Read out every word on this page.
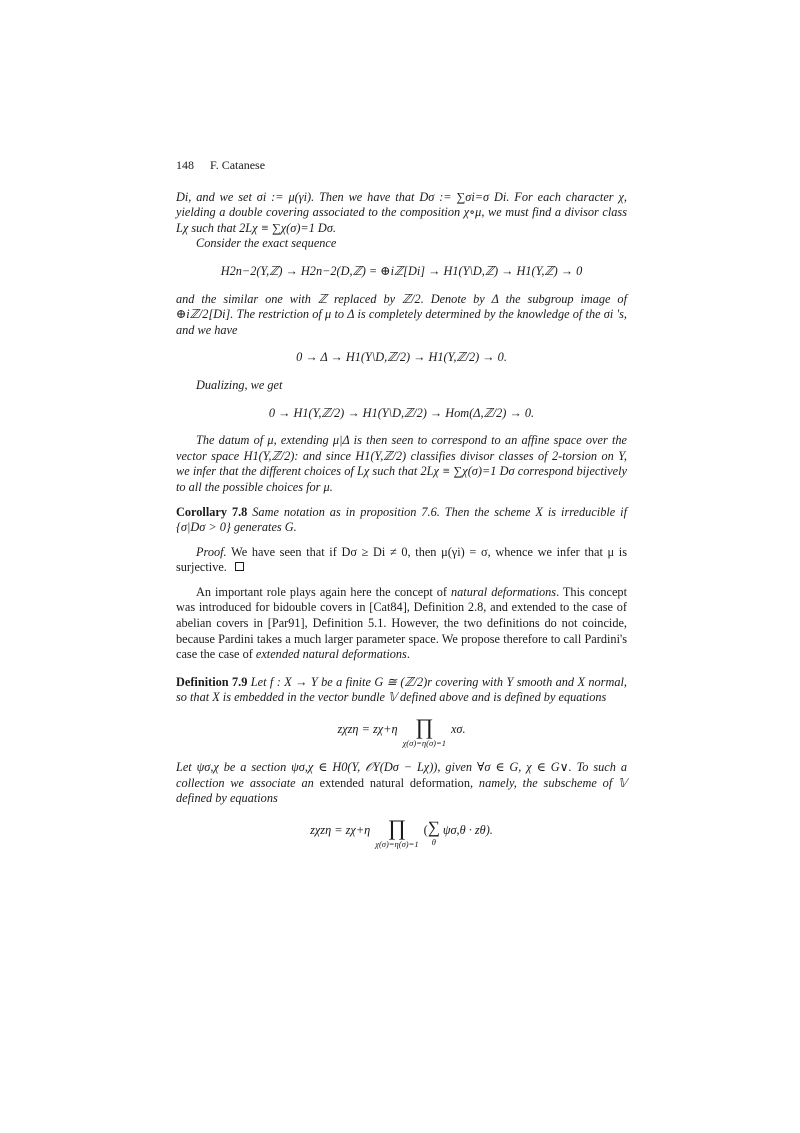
148 F. Catanese

Di, and we set σi := μ(γi). Then we have that Dσ := ∑σi=σ Di. For each character χ, yielding a double covering associated to the composition χ∘μ, we must find a divisor class Lχ such that 2Lχ ≡ ∑χ(σ)=1 Dσ.

Consider the exact sequence

H2n−2(Y,ℤ) → H2n−2(D,ℤ) = ⊕iℤ[Di] → H1(Y\D,ℤ) → H1(Y,ℤ) → 0

and the similar one with ℤ replaced by ℤ/2. Denote by Δ the subgroup image of ⊕iℤ/2[Di]. The restriction of μ to Δ is completely determined by the knowledge of the σi 's, and we have

0 → Δ → H1(Y\D,ℤ/2) → H1(Y,ℤ/2) → 0.

Dualizing, we get

0 → H1(Y,ℤ/2) → H1(Y\D,ℤ/2) → Hom(Δ,ℤ/2) → 0.

The datum of μ, extending μ|Δ is then seen to correspond to an affine space over the vector space H1(Y,ℤ/2): and since H1(Y,ℤ/2) classifies divisor classes of 2-torsion on Y, we infer that the different choices of Lχ such that 2Lχ ≡ ∑χ(σ)=1 Dσ correspond bijectively to all the possible choices for μ.

Corollary 7.8 Same notation as in proposition 7.6. Then the scheme X is irreducible if {σ|Dσ > 0} generates G.

Proof. We have seen that if Dσ ≥ Di ≠ 0, then μ(γi) = σ, whence we infer that μ is surjective.

An important role plays again here the concept of natural deformations. This concept was introduced for bidouble covers in [Cat84], Definition 2.8, and extended to the case of abelian covers in [Par91], Definition 5.1. However, the two definitions do not coincide, because Pardini takes a much larger parameter space. We propose therefore to call Pardini's case the case of extended natural deformations.

Definition 7.9 Let f : X → Y be a finite G ≅ (ℤ/2)r covering with Y smooth and X normal, so that X is embedded in the vector bundle 𝕍 defined above and is defined by equations

zχzη = zχ+η ∏
χ(σ)=η(σ)=1
xσ.

Let ψσ,χ be a section ψσ,χ ∈ H0(Y, 𝒪Y(Dσ − Lχ)), given ∀σ ∈ G, χ ∈ G∨. To such a collection we associate an extended natural deformation, namely, the subscheme of 𝕍 defined by equations

zχzη = zχ+η ∏
χ(σ)=η(σ)=1
( ∑
θ
ψσ,θ · zθ).
